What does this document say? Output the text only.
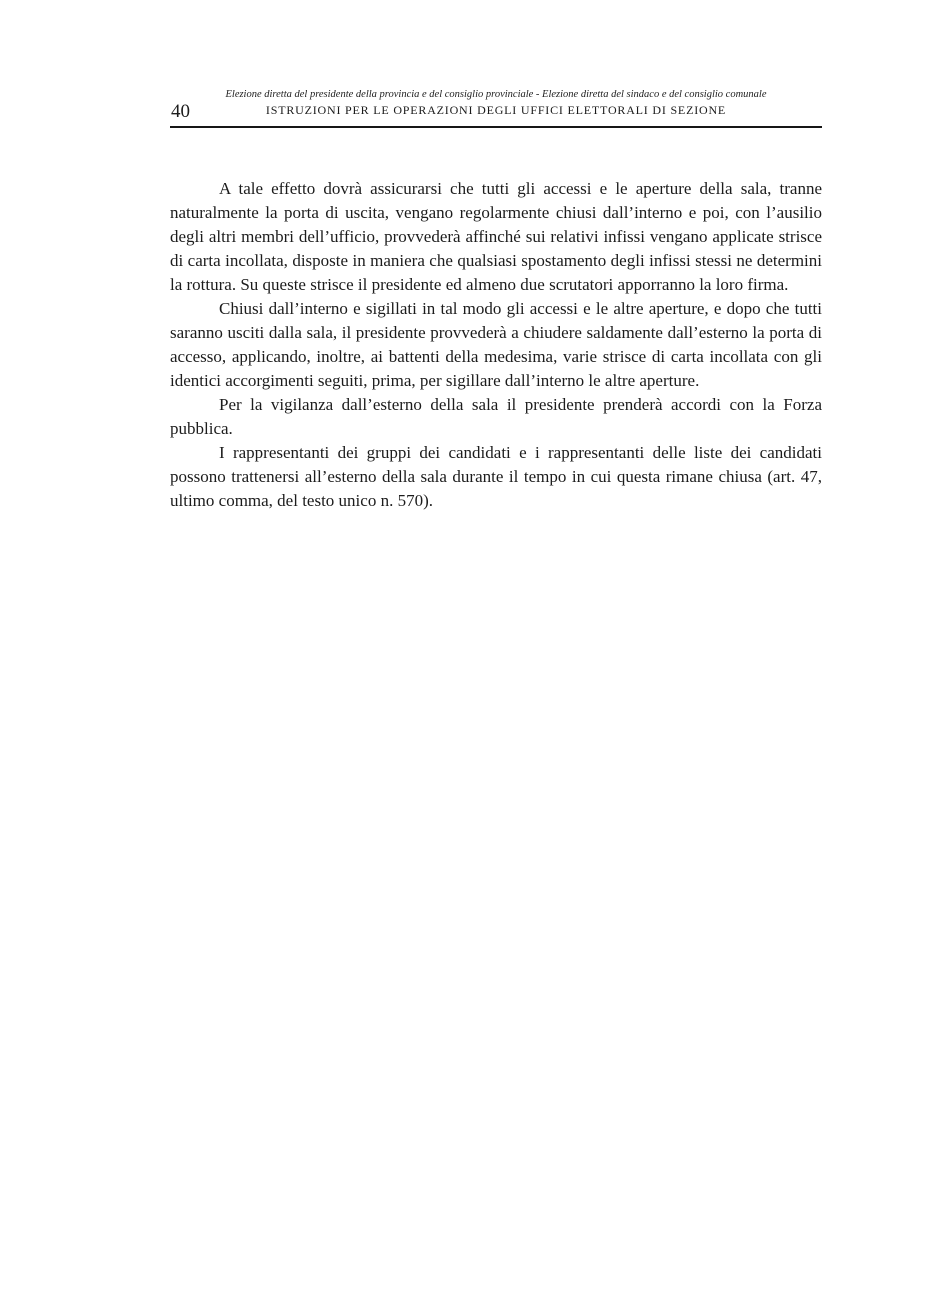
40
Elezione diretta del presidente della provincia e del consiglio provinciale - Elezione diretta del sindaco e del consiglio comunale
ISTRUZIONI PER LE OPERAZIONI DEGLI UFFICI ELETTORALI DI SEZIONE

A tale effetto dovrà assicurarsi che tutti gli accessi e le aperture della sala, tranne naturalmente la porta di uscita, vengano regolarmente chiusi dall’interno e poi, con l’ausilio degli altri membri dell’ufficio, provvederà affinché sui relativi infissi vengano applicate strisce di carta incollata, disposte in maniera che qualsiasi spostamento degli infissi stessi ne determini la rottura. Su queste strisce il presidente ed almeno due scrutatori apporranno la loro firma.

Chiusi dall’interno e sigillati in tal modo gli accessi e le altre aperture, e dopo che tutti saranno usciti dalla sala, il presidente provvederà a chiudere saldamente dall’esterno la porta di accesso, applicando, inoltre, ai battenti della medesima, varie strisce di carta incollata con gli identici accorgimenti seguiti, prima, per sigillare dall’interno le altre aperture.

Per la vigilanza dall’esterno della sala il presidente prenderà accordi con la Forza pubblica.

I rappresentanti dei gruppi dei candidati e i rappresentanti delle liste dei candidati possono trattenersi all’esterno della sala durante il tempo in cui questa rimane chiusa (art. 47, ultimo comma, del testo unico n. 570).
